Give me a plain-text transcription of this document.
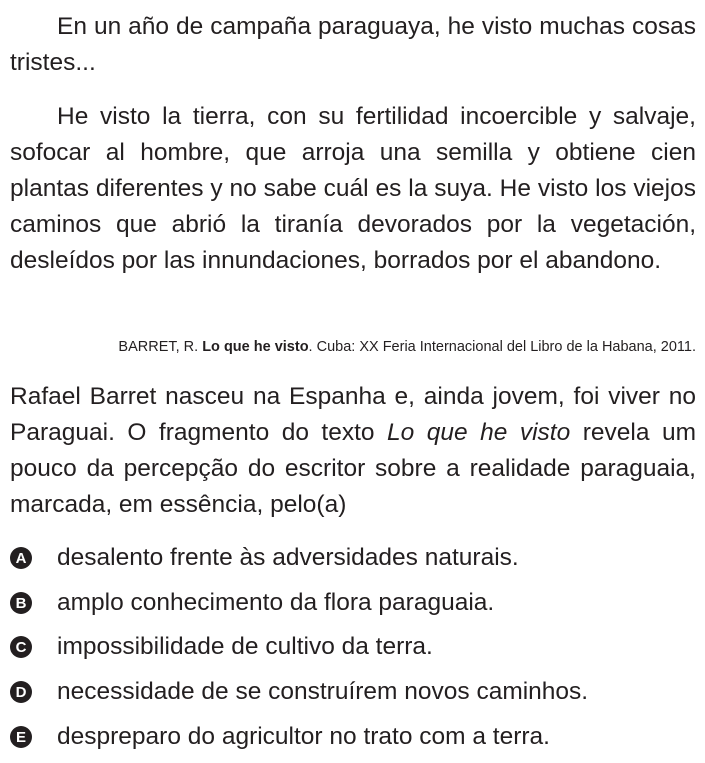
En un año de campaña paraguaya, he visto muchas cosas tristes...

He visto la tierra, con su fertilidad incoercible y salvaje, sofocar al hombre, que arroja una semilla y obtiene cien plantas diferentes y no sabe cuál es la suya. He visto los viejos caminos que abrió la tiranía devorados por la vegetación, desleídos por las innundaciones, borrados por el abandono.

BARRET, R. Lo que he visto. Cuba: XX Feria Internacional del Libro de la Habana, 2011.

Rafael Barret nasceu na Espanha e, ainda jovem, foi viver no Paraguai. O fragmento do texto Lo que he visto revela um pouco da percepção do escritor sobre a realidade paraguaia, marcada, em essência, pelo(a)

A desalento frente às adversidades naturais.
B amplo conhecimento da flora paraguaia.
C impossibilidade de cultivo da terra.
D necessidade de se construírem novos caminhos.
E despreparo do agricultor no trato com a terra.
